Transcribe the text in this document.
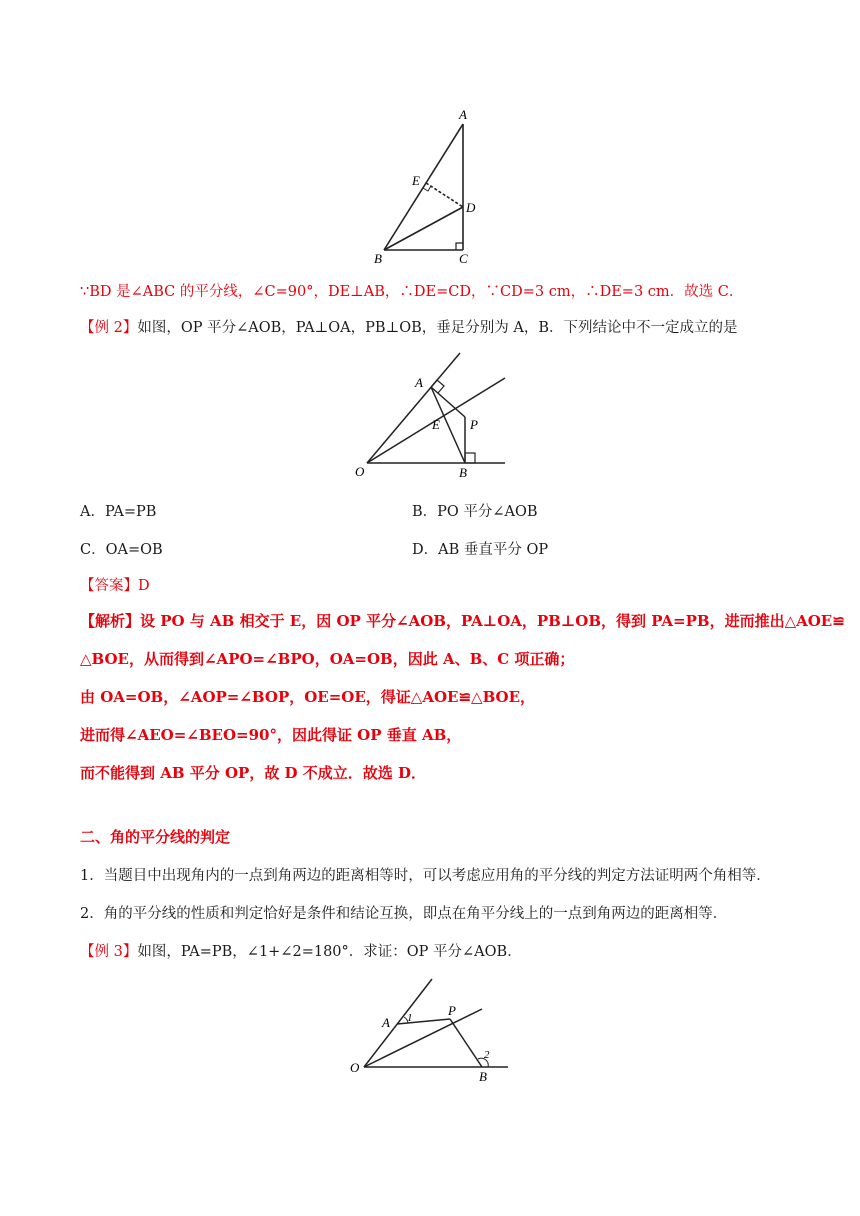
A
E
D
B	C
∵BD 是∠ABC 的平分线，∠C=90°，DE⊥AB，∴DE=CD，∵CD=3 cm，∴DE=3 cm．故选 C．
【例 2】如图，OP 平分∠AOB，PA⊥OA，PB⊥OB，垂足分别为 A，B．下列结论中不一定成立的是
A
E P
O	B
A．PA=PB	B．PO 平分∠AOB
C．OA=OB	D．AB 垂直平分 OP
【答案】D
【解析】设 PO 与 AB 相交于 E，因 OP 平分∠AOB，PA⊥OA，PB⊥OB，得到 PA=PB，进而推出△AOE≌
△BOE，从而得到∠APO=∠BPO，OA=OB，因此 A、B、C 项正确；
由 OA=OB，∠AOP=∠BOP，OE=OE，得证△AOE≌△BOE，
进而得∠AEO=∠BEO=90°，因此得证 OP 垂直 AB，
而不能得到 AB 平分 OP，故 D 不成立．故选 D．
二、角的平分线的判定
1．当题目中出现角内的一点到角两边的距离相等时，可以考虑应用角的平分线的判定方法证明两个角相等．
2．角的平分线的性质和判定恰好是条件和结论互换，即点在角平分线上的一点到角两边的距离相等．
【例 3】如图，PA=PB，∠1+∠2=180°．求证：OP 平分∠AOB．
A 1	P
2
O
B
